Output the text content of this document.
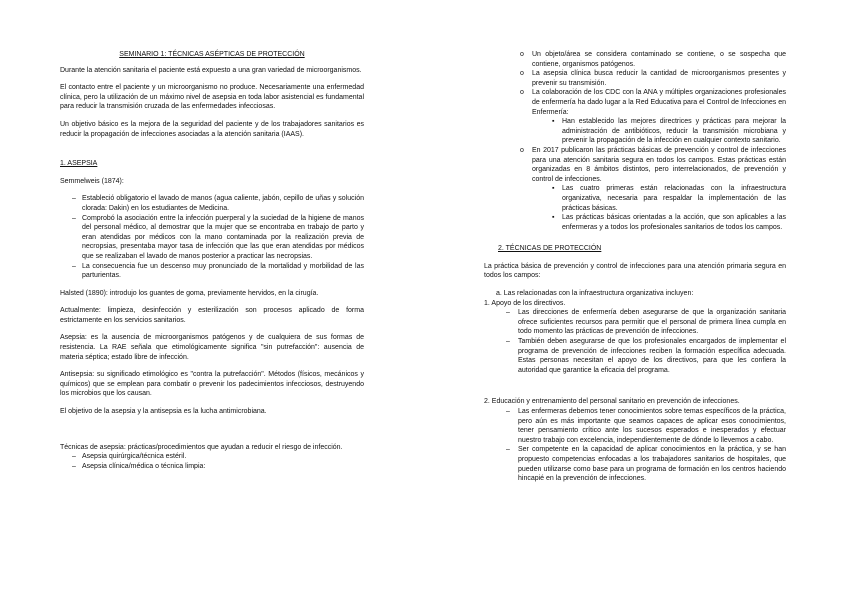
SEMINARIO 1: TÉCNICAS ASÉPTICAS DE PROTECCIÓN

Durante la atención sanitaria el paciente está expuesto a una gran variedad de microorganismos.

El contacto entre el paciente y un microorganismo no produce. Necesariamente una enfermedad clínica, pero la utilización de un máximo nivel de asepsia en toda labor asistencial es fundamental para reducir la transmisión cruzada de las enfermedades infecciosas.

Un objetivo básico es la mejora de la seguridad del paciente y de los trabajadores sanitarios es reducir la propagación de infecciones asociadas a la atención sanitaria (IAAS).

1. ASEPSIA

Semmelweis (1874):

– Estableció obligatorio el lavado de manos (agua caliente, jabón, cepillo de uñas y solución clorada: Dakin) en los estudiantes de Medicina.
– Comprobó la asociación entre la infección puerperal y la suciedad de la higiene de manos del personal médico, al demostrar que la mujer que se encontraba en trabajo de parto y eran atendidas por médicos con la mano contaminada por la realización previa de necropsias, presentaba mayor tasa de infección que las que eran atendidas por médicos que se realizaban el lavado de manos posterior a practicar las necropsias.
– La consecuencia fue un descenso muy pronunciado de la mortalidad y morbilidad de las parturientas.

Halsted (1890): introdujo los guantes de goma, previamente hervidos, en la cirugía.

Actualmente: limpieza, desinfección y esterilización son procesos aplicado de forma estrictamente en los servicios sanitarios.

Asepsia: es la ausencia de microorganismos patógenos y de cualquiera de sus formas de resistencia. La RAE señala que etimológicamente significa "sin putrefacción": ausencia de materia séptica; estado libre de infección.

Antisepsia: su significado etimológico es "contra la putrefacción". Métodos (físicos, mecánicos y químicos) que se emplean para combatir o prevenir los padecimientos infecciosos, destruyendo los microbios que los causan.

El objetivo de la asepsia y la antisepsia es la lucha antimicrobiana.

Técnicas de asepsia: prácticas/procedimientos que ayudan a reducir el riesgo de infección.

– Asepsia quirúrgica/técnica estéril.
– Asepsia clínica/médica o técnica limpia:
o Un objeto/área se considera contaminado se contiene, o se sospecha que contiene, organismos patógenos.
o La asepsia clínica busca reducir la cantidad de microorganismos presentes y prevenir su transmisión.
o La colaboración de los CDC con la ANA y múltiples organizaciones profesionales de enfermería ha dado lugar a la Red Educativa para el Control de Infecciones en Enfermería:
▪ Han establecido las mejores directrices y prácticas para mejorar la administración de antibióticos, reducir la transmisión microbiana y prevenir la propagación de la infección en cualquier contexto sanitario.
o En 2017 publicaron las prácticas básicas de prevención y control de infecciones para una atención sanitaria segura en todos los campos. Estas prácticas están organizadas en 8 ámbitos distintos, pero interrelacionados, de prevención y control de infecciones.
▪ Las cuatro primeras están relacionadas con la infraestructura organizativa, necesaria para respaldar la implementación de las prácticas básicas.
▪ Las prácticas básicas orientadas a la acción, que son aplicables a las enfermeras y a todos los profesionales sanitarios de todos los campos.

2. TÉCNICAS DE PROTECCIÓN

La práctica básica de prevención y control de infecciones para una atención primaria segura en todos los campos:

a. Las relacionadas con la infraestructura organizativa incluyen:

1. Apoyo de los directivos.

– Las direcciones de enfermería deben asegurarse de que la organización sanitaria ofrece suficientes recursos para permitir que el personal de primera línea cumpla en todo momento las prácticas de prevención de infecciones.
– También deben asegurarse de que los profesionales encargados de implementar el programa de prevención de infecciones reciben la formación específica adecuada. Estas personas necesitan el apoyo de los directivos, para que les confiera la autoridad que garantice la eficacia del programa.

2. Educación y entrenamiento del personal sanitario en prevención de infecciones.

– Las enfermeras debemos tener conocimientos sobre temas específicos de la práctica, pero aún es más importante que seamos capaces de aplicar esos conocimientos, tener pensamiento crítico ante los sucesos esperados e inesperados y efectuar nuestro trabajo con excelencia, independientemente de dónde lo llevemos a cabo.
– Ser competente en la capacidad de aplicar conocimientos en la práctica, y se han propuesto competencias enfocadas a los trabajadores sanitarios de hospitales, que pueden utilizarse como base para un programa de formación en los centros haciendo hincapié en la prevención de infecciones.
